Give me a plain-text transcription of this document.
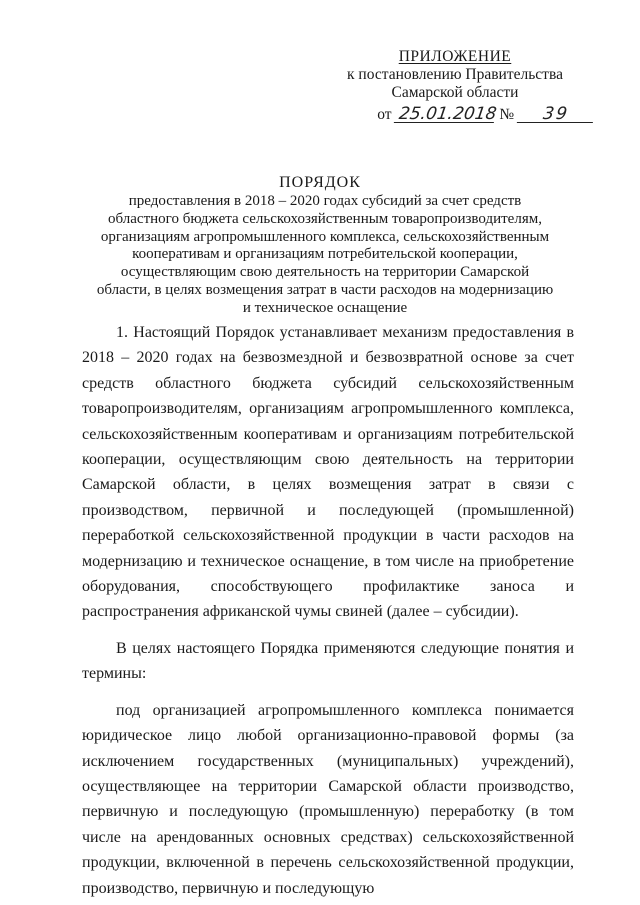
ПРИЛОЖЕНИЕ
к постановлению Правительства
Самарской области
от 25.01.2018 № 39
ПОРЯДОК
предоставления в 2018 – 2020 годах субсидий за счет средств областного бюджета сельскохозяйственным товаропроизводителям, организациям агропромышленного комплекса, сельскохозяйственным кооперативам и организациям потребительской кооперации, осуществляющим свою деятельность на территории Самарской области, в целях возмещения затрат в части расходов на модернизацию и техническое оснащение

1. Настоящий Порядок устанавливает механизм предоставления в 2018 – 2020 годах на безвозмездной и безвозвратной основе за счет средств областного бюджета субсидий сельскохозяйственным товаропроизводителям, организациям агропромышленного комплекса, сельскохозяйственным кооперативам и организациям потребительской кооперации, осуществляющим свою деятельность на территории Самарской области, в целях возмещения затрат в связи с производством, первичной и последующей (промышленной) переработкой сельскохозяйственной продукции в части расходов на модернизацию и техническое оснащение, в том числе на приобретение оборудования, способствующего профилактике заноса и распространения африканской чумы свиней (далее – субсидии).

В целях настоящего Порядка применяются следующие понятия и термины:

под организацией агропромышленного комплекса понимается юридическое лицо любой организационно-правовой формы (за исключением государственных (муниципальных) учреждений), осуществляющее на территории Самарской области производство, первичную и последующую (промышленную) переработку (в том числе на арендованных основных средствах) сельскохозяйственной продукции, включенной в перечень сельскохозяйственной продукции, производство, первичную и последующую
